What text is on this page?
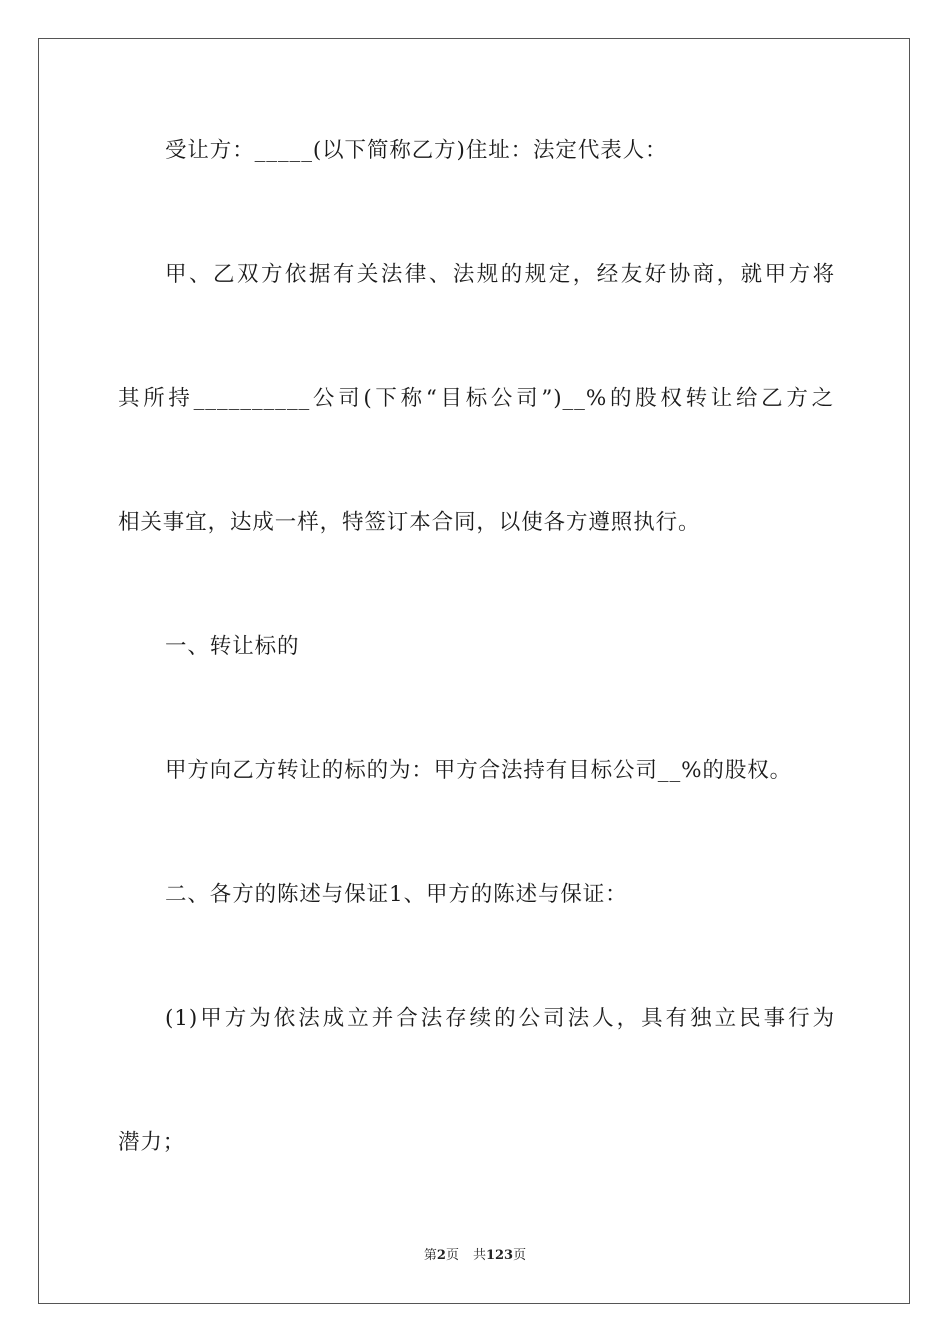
受让方：_____(以下简称乙方)住址：法定代表人：
甲、乙双方依据有关法律、法规的规定，经友好协商，就甲方将
其所持__________公司(下称“目标公司”)__%的股权转让给乙方之
相关事宜，达成一样，特签订本合同，以使各方遵照执行。
一、转让标的
甲方向乙方转让的标的为：甲方合法持有目标公司__%的股权。
二、各方的陈述与保证1、甲方的陈述与保证：
(1)甲方为依法成立并合法存续的公司法人，具有独立民事行为
潜力；
第2页 共123页
